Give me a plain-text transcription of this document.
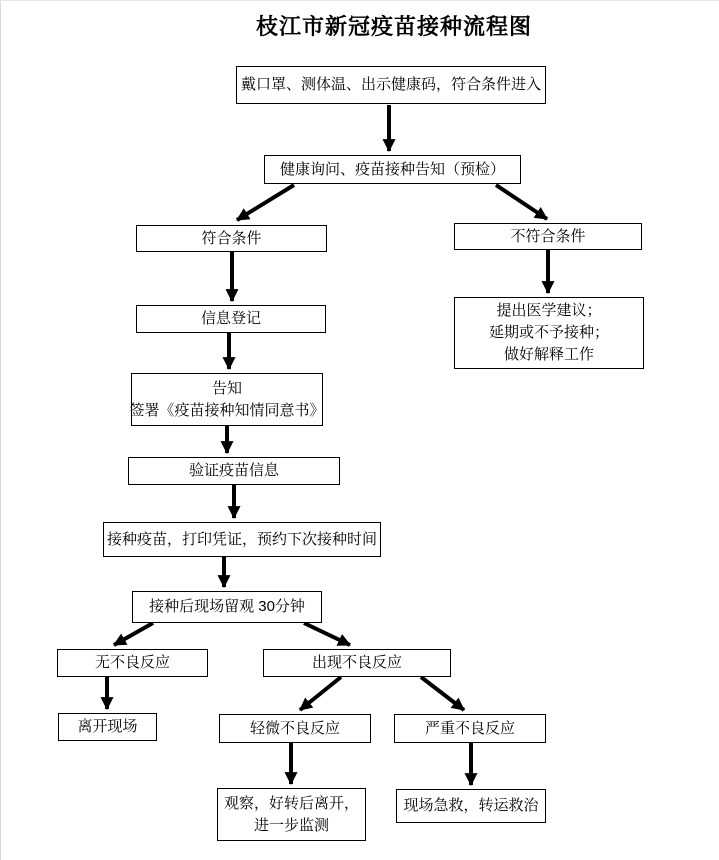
枝江市新冠疫苗接种流程图
戴口罩、测体温、出示健康码，符合条件进入
健康询问、疫苗接种告知（预检）
符合条件	不符合条件
信息登记	提出医学建议；
延期或不予接种；
做好解释工作
告知
签署《疫苗接种知情同意书》
验证疫苗信息
接种疫苗，打印凭证，预约下次接种时间
接种后现场留观 30分钟
无不良反应	出现不良反应
离开现场	轻微不良反应	严重不良反应
观察，好转后离开，
进一步监测
现场急救，转运救治
